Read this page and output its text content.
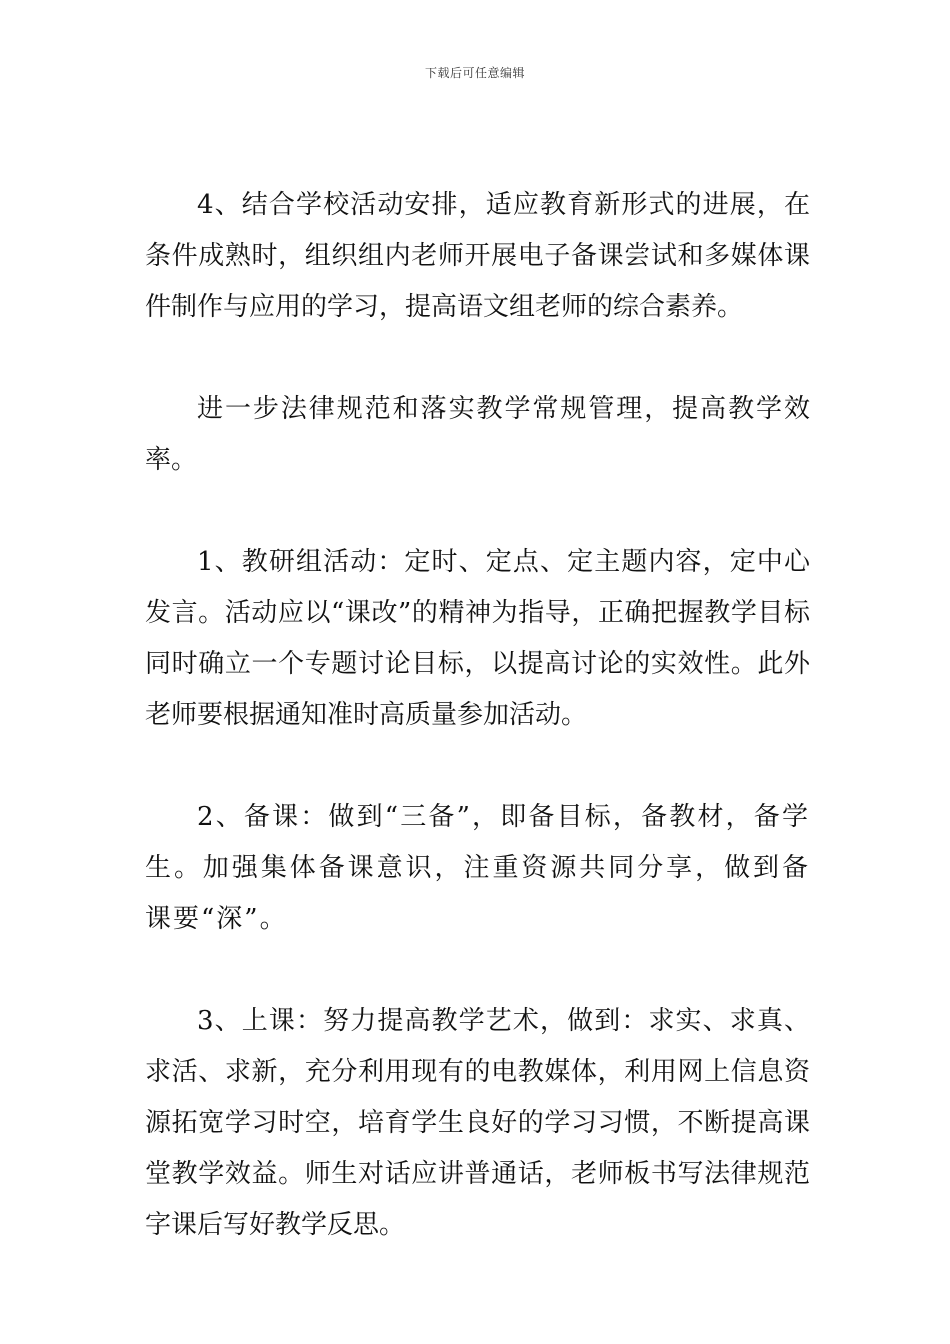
下载后可任意编辑

4、结合学校活动安排，适应教育新形式的进展，在条件成熟时，组织组内老师开展电子备课尝试和多媒体课件制作与应用的学习，提高语文组老师的综合素养。

进一步法律规范和落实教学常规管理，提高教学效率。

1、教研组活动：定时、定点、定主题内容，定中心发言。活动应以“课改”的精神为指导，正确把握教学目标同时确立一个专题讨论目标，以提高讨论的实效性。此外老师要根据通知准时高质量参加活动。

2、备课：做到“三备”，即备目标，备教材，备学生。加强集体备课意识，注重资源共同分享，做到备课要“深”。

3、上课：努力提高教学艺术，做到：求实、求真、求活、求新，充分利用现有的电教媒体，利用网上信息资源拓宽学习时空，培育学生良好的学习习惯，不断提高课堂教学效益。师生对话应讲普通话，老师板书写法律规范字课后写好教学反思。
